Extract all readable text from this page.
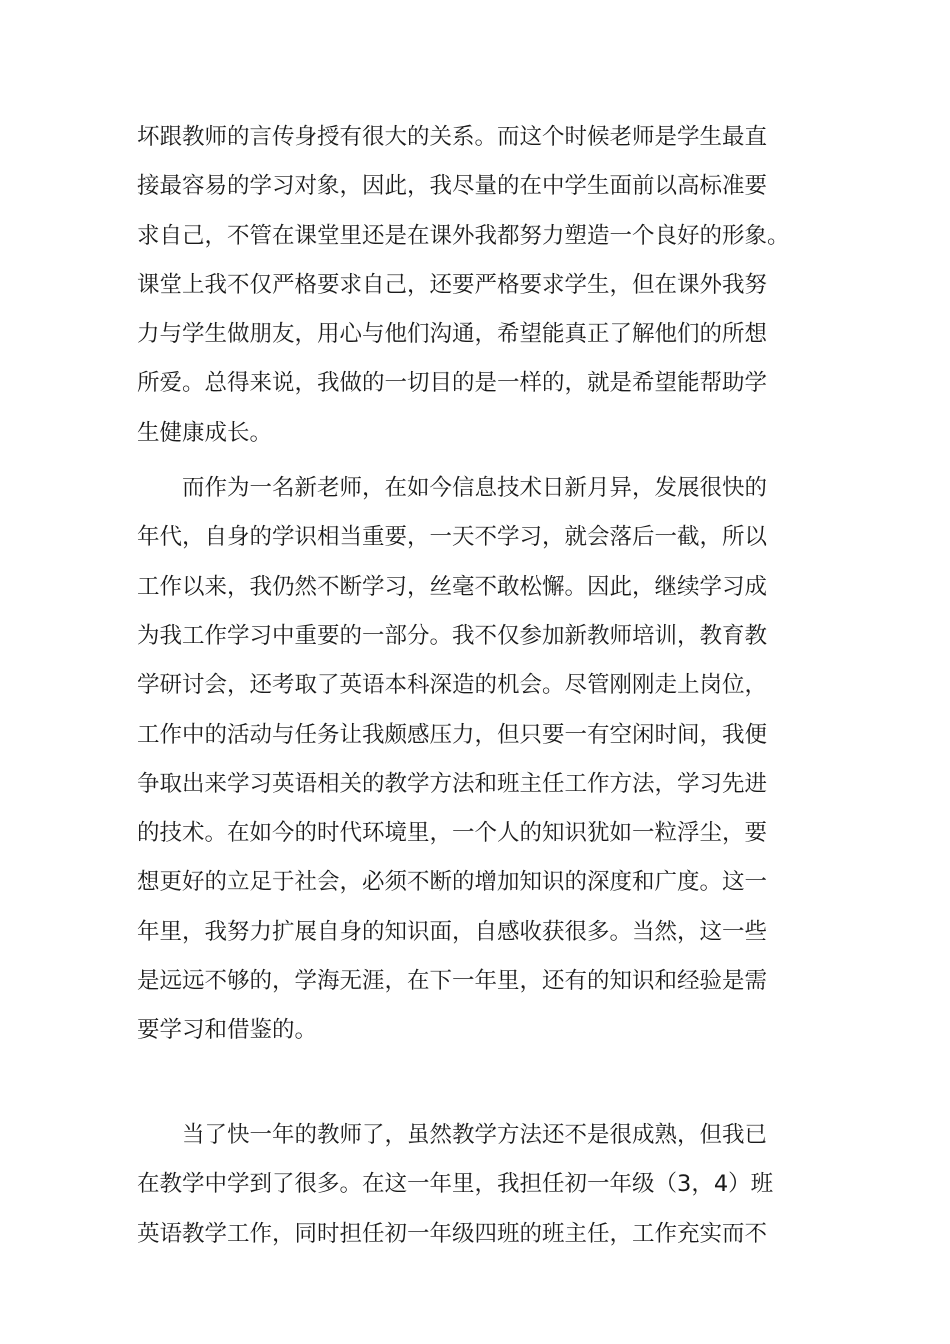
坏跟教师的言传身授有很大的关系。而这个时候老师是学生最直
接最容易的学习对象，因此，我尽量的在中学生面前以高标准要
求自己，不管在课堂里还是在课外我都努力塑造一个良好的形象。
课堂上我不仅严格要求自己，还要严格要求学生，但在课外我努
力与学生做朋友，用心与他们沟通，希望能真正了解他们的所想
所爱。总得来说，我做的一切目的是一样的，就是希望能帮助学
生健康成长。
而作为一名新老师，在如今信息技术日新月异，发展很快的
年代，自身的学识相当重要，一天不学习，就会落后一截，所以
工作以来，我仍然不断学习，丝毫不敢松懈。因此，继续学习成
为我工作学习中重要的一部分。我不仅参加新教师培训，教育教
学研讨会，还考取了英语本科深造的机会。尽管刚刚走上岗位，
工作中的活动与任务让我颇感压力，但只要一有空闲时间，我便
争取出来学习英语相关的教学方法和班主任工作方法，学习先进
的技术。在如今的时代环境里，一个人的知识犹如一粒浮尘，要
想更好的立足于社会，必须不断的增加知识的深度和广度。这一
年里，我努力扩展自身的知识面，自感收获很多。当然，这一些
是远远不够的，学海无涯，在下一年里，还有的知识和经验是需
要学习和借鉴的。
当了快一年的教师了，虽然教学方法还不是很成熟，但我已
在教学中学到了很多。在这一年里，我担任初一年级（3，4）班
英语教学工作，同时担任初一年级四班的班主任，工作充实而不
